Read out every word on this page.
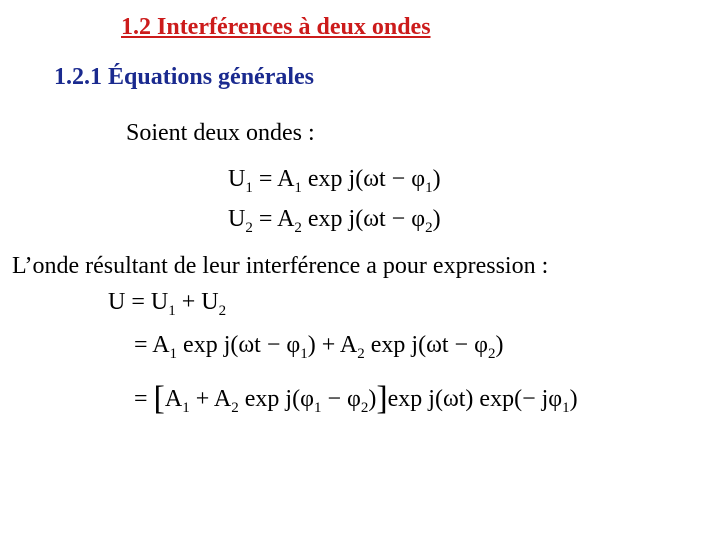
1.2 Interférences à deux ondes
1.2.1 Équations générales
Soient deux ondes :
$U_1 = A_1$ $\exp j(\omega t - \varphi_1)$
$U_2 = A_2$ $\exp j(\omega t - \varphi_2)$
L’onde résultant de leur interférence a pour expression :
$U = U_1 + U_2$
= $A_1$ $\exp j(\omega t - \varphi_1) + A_2$ $\exp j(\omega t - \varphi_2)$
= [$A_1 + A_2$ $\exp j(\varphi_1 - \varphi_2)]\exp$ j(ωt) $\exp(- j\varphi_1)$
